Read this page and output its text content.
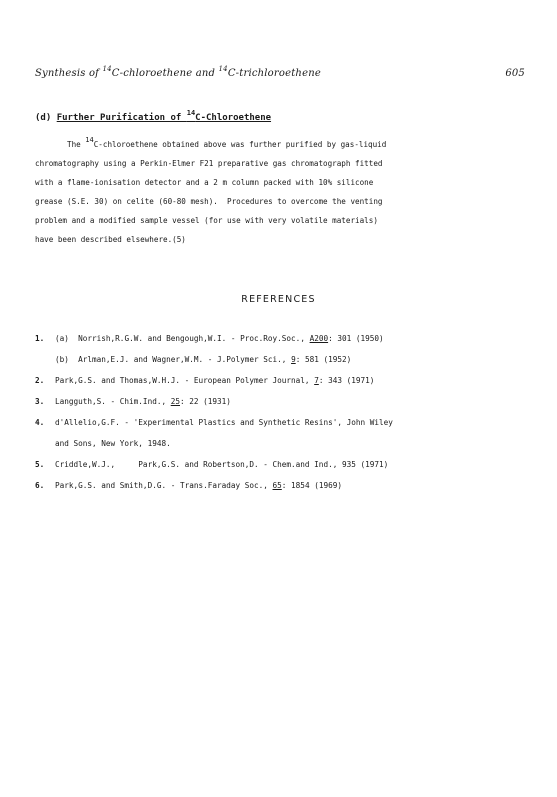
Synthesis of $^{14}$C-chloroethene and $^{14}$C-trichloroethene	605
(d) Further Purification of $^{14}$C-Chloroethene
The $^{14}$C-chloroethene obtained above was further purified by gas-liquid
chromatography using a Perkin-Elmer F21 preparative gas chromatograph fitted
with a flame-ionisation detector and a 2 m column packed with 10% silicone
grease (S.E. 30) on celite (60-80 mesh).  Procedures to overcome the venting
problem and a modified sample vessel (for use with very volatile materials)
have been described elsewhere.(5)
REFERENCES
1. (a)  Norrish,R.G.W. and Bengough,W.I. - Proc.Roy.Soc., A200: 301 (1950)
(b)  Arlman,E.J. and Wagner,W.M. - J.Polymer Sci., 9: 581 (1952)
2. Park,G.S. and Thomas,W.H.J. - European Polymer Journal, 7: 343 (1971)
3. Langguth,S. - Chim.Ind., 25: 22 (1931)
4. d'Allelio,G.F. - 'Experimental Plastics and Synthetic Resins', John Wiley
and Sons, New York, 1948.
5. Criddle,W.J.,     Park,G.S. and Robertson,D. - Chem.and Ind., 935 (1971)
6. Park,G.S. and Smith,D.G. - Trans.Faraday Soc., 65: 1854 (1969)
